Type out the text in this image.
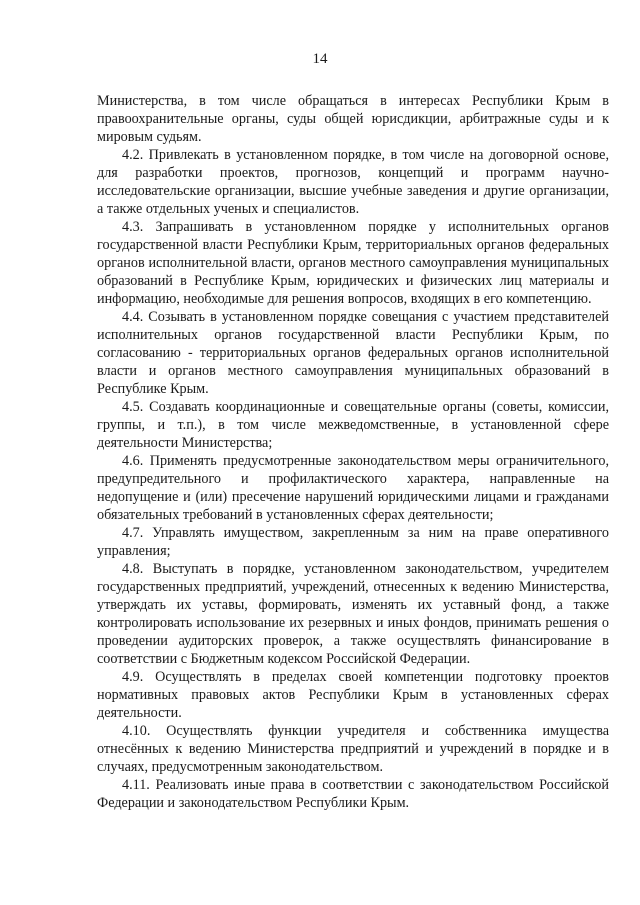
14

Министерства, в том числе обращаться в интересах Республики Крым в правоохранительные органы, суды общей юрисдикции, арбитражные суды и к мировым судьям.

4.2. Привлекать в установленном порядке, в том числе на договорной основе, для разработки проектов, прогнозов, концепций и программ научно-исследовательские организации, высшие учебные заведения и другие организации, а также отдельных ученых и специалистов.

4.3. Запрашивать в установленном порядке у исполнительных органов государственной власти Республики Крым, территориальных органов федеральных органов исполнительной власти, органов местного самоуправления муниципальных образований в Республике Крым, юридических и физических лиц материалы и информацию, необходимые для решения вопросов, входящих в его компетенцию.

4.4. Созывать в установленном порядке совещания с участием представителей исполнительных органов государственной власти Республики Крым, по согласованию - территориальных органов федеральных органов исполнительной власти и органов местного самоуправления муниципальных образований в Республике Крым.

4.5. Создавать координационные и совещательные органы (советы, комиссии, группы, и т.п.), в том числе межведомственные, в установленной сфере деятельности Министерства;

4.6. Применять предусмотренные законодательством меры ограничительного, предупредительного и профилактического характера, направленные на недопущение и (или) пресечение нарушений юридическими лицами и гражданами обязательных требований в установленных сферах деятельности;

4.7. Управлять имуществом, закрепленным за ним на праве оперативного управления;

4.8. Выступать в порядке, установленном законодательством, учредителем государственных предприятий, учреждений, отнесенных к ведению Министерства, утверждать их уставы, формировать, изменять их уставный фонд, а также контролировать использование их резервных и иных фондов, принимать решения о проведении аудиторских проверок, а также осуществлять финансирование в соответствии с Бюджетным кодексом Российской Федерации.

4.9. Осуществлять в пределах своей компетенции подготовку проектов нормативных правовых актов Республики Крым в установленных сферах деятельности.

4.10. Осуществлять функции учредителя и собственника имущества отнесённых к ведению Министерства предприятий и учреждений в порядке и в случаях, предусмотренным законодательством.

4.11. Реализовать иные права в соответствии с законодательством Российской Федерации и законодательством Республики Крым.
